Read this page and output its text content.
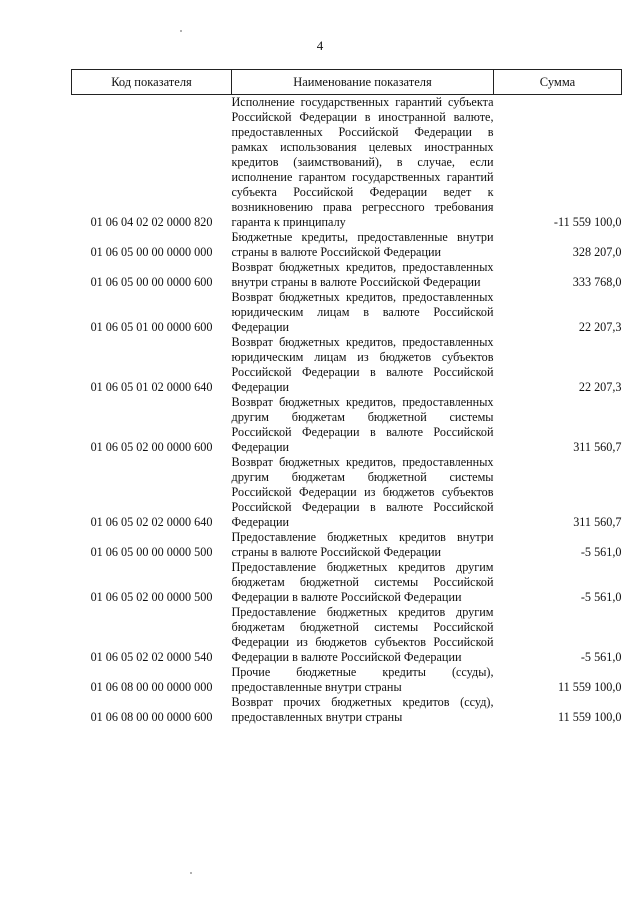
4
Код показателя	Наименование показателя	Сумма
01 06 04 02 02 0000 820	Исполнение государственных гарантий субъекта Российской Федерации в иностранной валюте, предоставленных Российской Федерации в рамках использования целевых иностранных кредитов (заимствований), в случае, если исполнение гарантом государственных гарантий субъекта Российской Федерации ведет к возникновению права регрессного требования гаранта к принципалу	-11 559 100,0
01 06 05 00 00 0000 000	Бюджетные кредиты, предоставленные внутри страны в валюте Российской Федерации	328 207,0
01 06 05 00 00 0000 600	Возврат бюджетных кредитов, предоставленных внутри страны в валюте Российской Федерации	333 768,0
01 06 05 01 00 0000 600	Возврат бюджетных кредитов, предоставленных юридическим лицам в валюте Российской Федерации	22 207,3
01 06 05 01 02 0000 640	Возврат бюджетных кредитов, предоставленных юридическим лицам из бюджетов субъектов Российской Федерации в валюте Российской Федерации	22 207,3
01 06 05 02 00 0000 600	Возврат бюджетных кредитов, предоставленных другим бюджетам бюджетной системы Российской Федерации в валюте Российской Федерации	311 560,7
01 06 05 02 02 0000 640	Возврат бюджетных кредитов, предоставленных другим бюджетам бюджетной системы Российской Федерации из бюджетов субъектов Российской Федерации в валюте Российской Федерации	311 560,7
01 06 05 00 00 0000 500	Предоставление бюджетных кредитов внутри страны в валюте Российской Федерации	-5 561,0
01 06 05 02 00 0000 500	Предоставление бюджетных кредитов другим бюджетам бюджетной системы Российской Федерации в валюте Российской Федерации	-5 561,0
01 06 05 02 02 0000 540	Предоставление бюджетных кредитов другим бюджетам бюджетной системы Российской Федерации из бюджетов субъектов Российской Федерации в валюте Российской Федерации	-5 561,0
01 06 08 00 00 0000 000	Прочие бюджетные кредиты (ссуды), предоставленные внутри страны	11 559 100,0
01 06 08 00 00 0000 600	Возврат прочих бюджетных кредитов (ссуд), предоставленных внутри страны	11 559 100,0
